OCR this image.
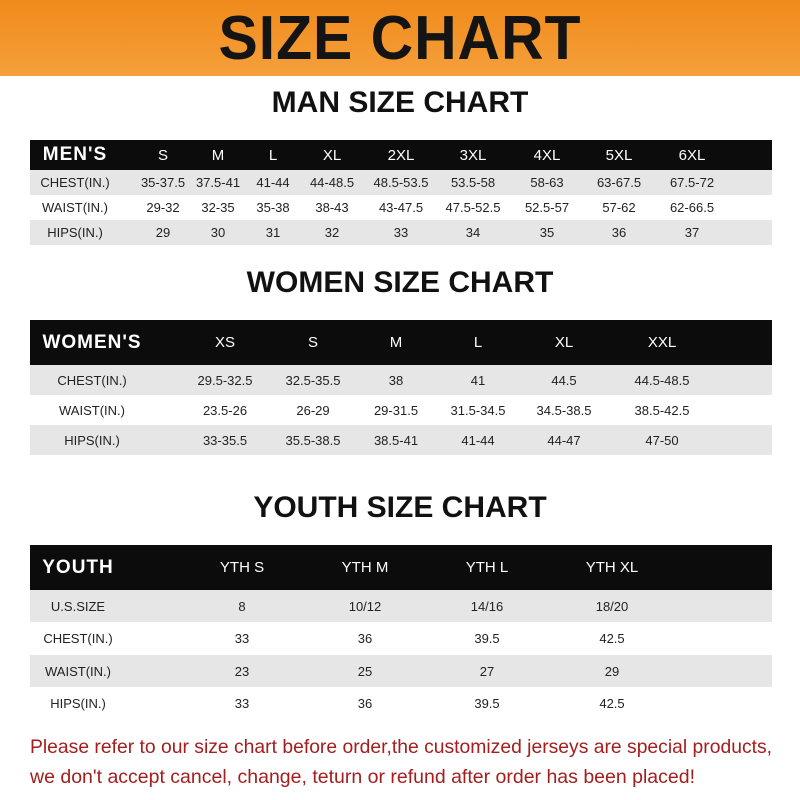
SIZE CHART
MAN SIZE CHART
MEN'S	S	M	L	XL	2XL	3XL	4XL	5XL	6XL
CHEST(IN.) 35-37.5 37.5-41 41-44 44-48.5 48.5-53.5 53.5-58	58-63	63-67.5 67.5-72
WAIST(IN.)	29-32 32-35 35-38 38-43 43-47.5 47.5-52.5 52.5-57	57-62	62-66.5
HIPS(IN.)	29	30	31	32	33	34	35	36	37
WOMEN SIZE CHART
WOMEN'S	XS	S	M	L	XL	XXL
CHEST(IN.)	29.5-32.5	32.5-35.5	38	41	44.5	44.5-48.5
WAIST(IN.)	23.5-26	26-29	29-31.5 31.5-34.5 34.5-38.5	38.5-42.5
HIPS(IN.)	33-35.5	35.5-38.5	38.5-41	41-44	44-47	47-50
YOUTH SIZE CHART
YOUTH	YTH S	YTH M	YTH L	YTH XL
U.S.SIZE	8	10/12	14/16	18/20
CHEST(IN.)	33	36	39.5	42.5
WAIST(IN.)	23	25	27	29
HIPS(IN.)	33	36	39.5	42.5
Please refer to our size chart before order,the customized jerseys are special products,
we don't accept cancel, change, teturn or refund after order has been placed!
